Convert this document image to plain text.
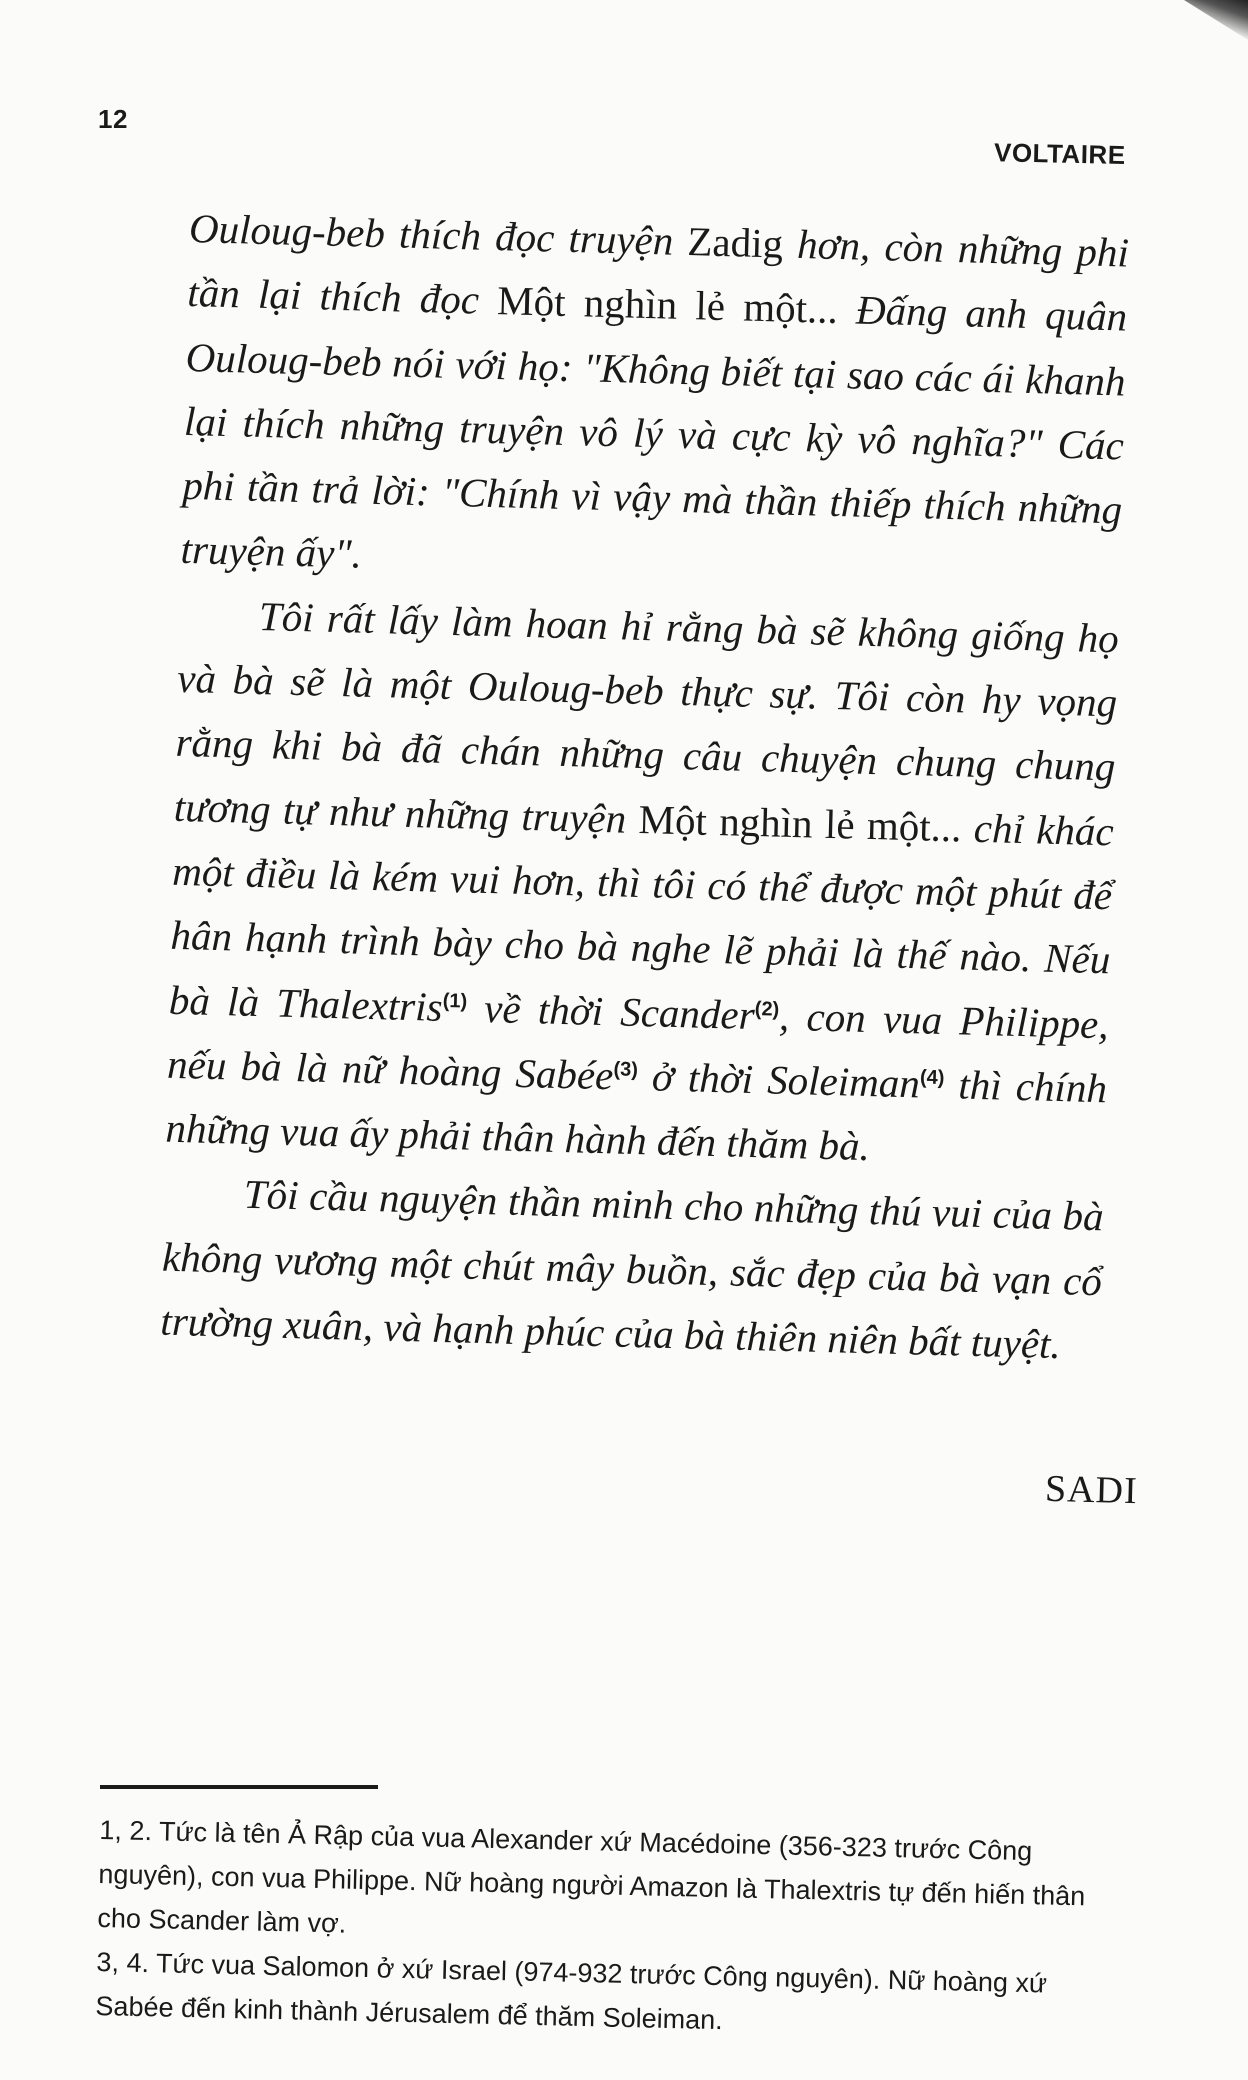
12
VOLTAIRE

Ouloug-beb thích đọc truyện Zadig hơn, còn những phi tần lại thích đọc Một nghìn lẻ một... Đấng anh quân Ouloug-beb nói với họ: "Không biết tại sao các ái khanh lại thích những truyện vô lý và cực kỳ vô nghĩa?" Các phi tần trả lời: "Chính vì vậy mà thần thiếp thích những truyện ấy".

Tôi rất lấy làm hoan hỉ rằng bà sẽ không giống họ và bà sẽ là một Ouloug-beb thực sự. Tôi còn hy vọng rằng khi bà đã chán những câu chuyện chung chung tương tự như những truyện Một nghìn lẻ một... chỉ khác một điều là kém vui hơn, thì tôi có thể được một phút để hân hạnh trình bày cho bà nghe lẽ phải là thế nào. Nếu bà là Thalextris$^{(1)}$ về thời Scander$^{(2)}$, con vua Philippe, nếu bà là nữ hoàng Sabée$^{(3)}$ ở thời Soleiman$^{(4)}$ thì chính những vua ấy phải thân hành đến thăm bà.

Tôi cầu nguyện thần minh cho những thú vui của bà không vương một chút mây buồn, sắc đẹp của bà vạn cổ trường xuân, và hạnh phúc của bà thiên niên bất tuyệt.

SADI

1, 2. Tức là tên Ả Rập của vua Alexander xứ Macédoine (356-323 trước Công nguyên), con vua Philippe. Nữ hoàng người Amazon là Thalextris tự đến hiến thân cho Scander làm vợ.

3, 4. Tức vua Salomon ở xứ Israel (974-932 trước Công nguyên). Nữ hoàng xứ Sabée đến kinh thành Jérusalem để thăm Soleiman.
